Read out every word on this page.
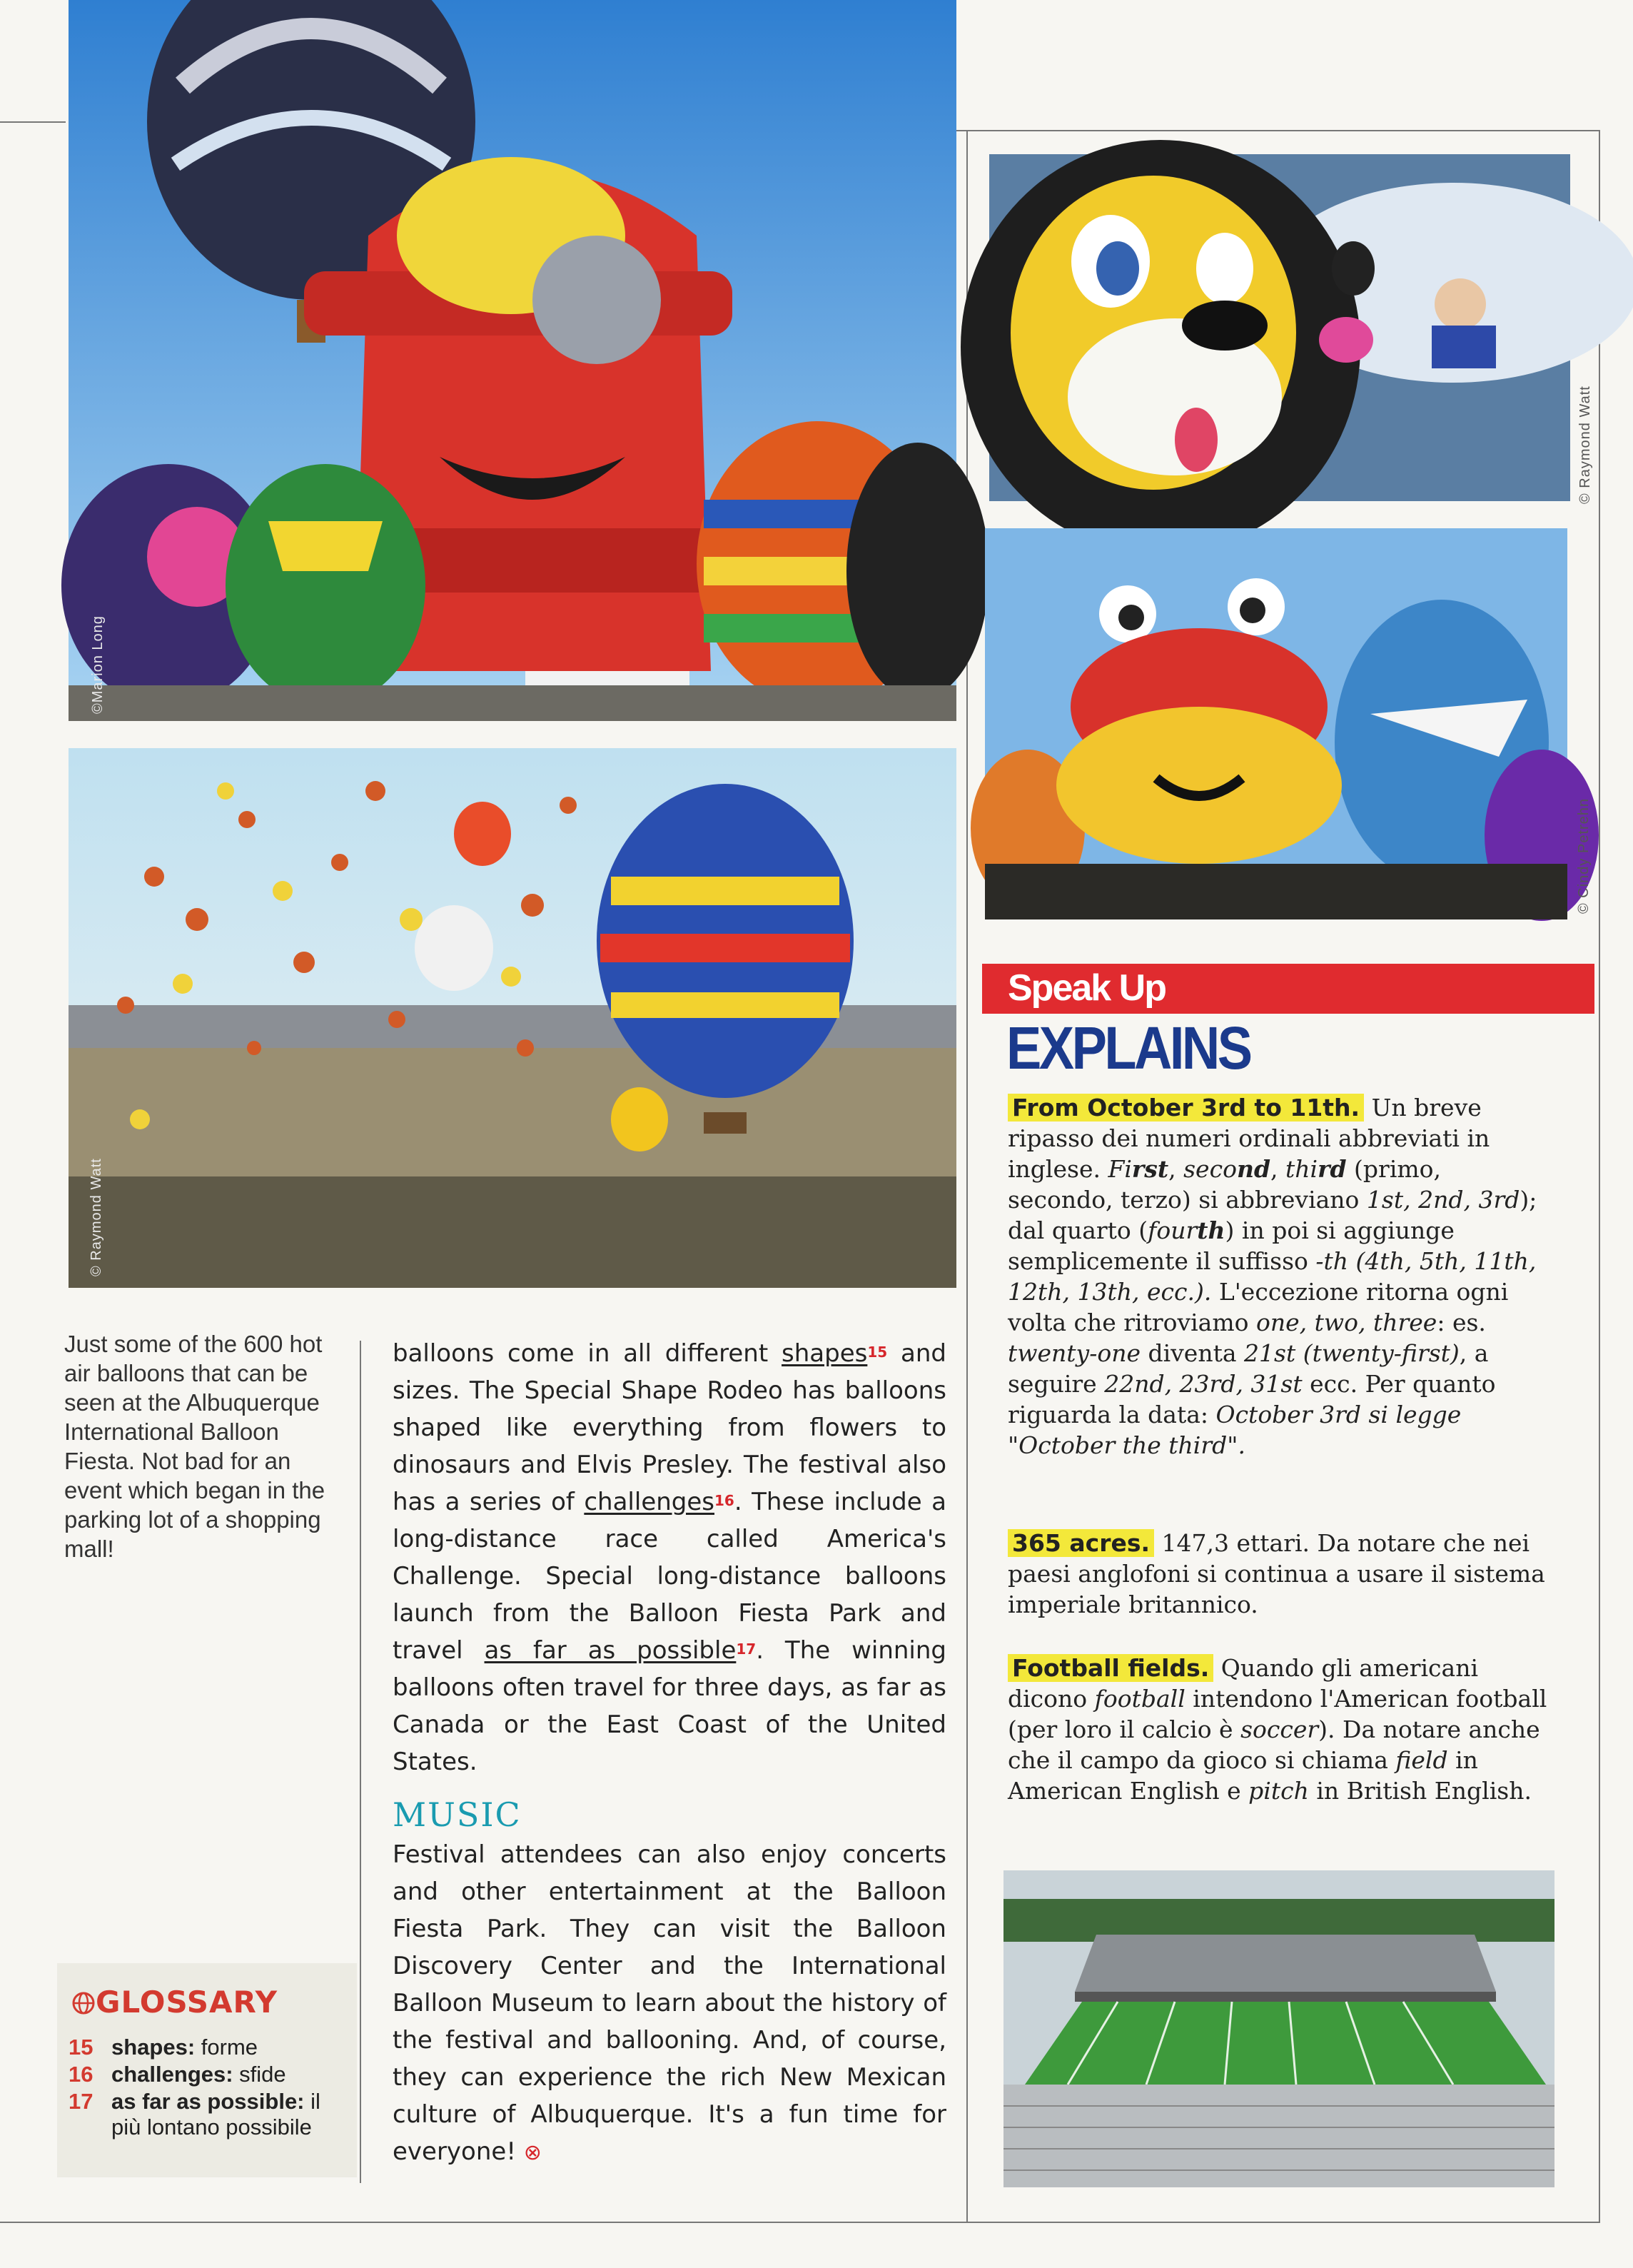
©Marion Long
© Raymond Watt
© Cindy Petrehn
© Raymond Watt
Just some of the 600 hot air balloons that can be seen at the Albuquerque International Balloon Fiesta. Not bad for an event which began in the parking lot of a shopping mall!

balloons come in all different shapes$^{15}$ and sizes. The Special Shape Rodeo has balloons shaped like everything from flowers to dinosaurs and Elvis Presley. The festival also has a series of challenges$^{16}$. These include a long-distance race called America's Challenge. Special long-distance balloons launch from the Balloon Fiesta Park and travel as far as possible$^{17}$. The winning balloons often travel for three days, as far as Canada or the East Coast of the United States.

MUSIC

Festival attendees can also enjoy concerts and other entertainment at the Balloon Fiesta Park. They can visit the Balloon Discovery Center and the International Balloon Museum to learn about the history of the festival and ballooning. And, of course, they can experience the rich New Mexican culture of Albuquerque. It's a fun time for everyone! ⊗

GLOSSARY
15 shapes: forme
16 challenges: sfide
17 as far as possible: il più lontano possibile
Speak Up
EXPLAINS

From October 3rd to 11th. Un breve ripasso dei numeri ordinali abbreviati in inglese. First, second, third (primo, secondo, terzo) si abbreviano 1st, 2nd, 3rd); dal quarto (fourth) in poi si aggiunge semplicemente il suffisso -th (4th, 5th, 11th, 12th, 13th, ecc.). L'eccezione ritorna ogni volta che ritroviamo one, two, three: es. twenty-one diventa 21st (twenty-first), a seguire 22nd, 23rd, 31st ecc. Per quanto riguarda la data: October 3rd si legge "October the third".

365 acres. 147,3 ettari. Da notare che nei paesi anglofoni si continua a usare il sistema imperiale britannico.

Football fields. Quando gli americani dicono football intendono l'American football (per loro il calcio è soccer). Da notare anche che il campo da gioco si chiama field in American English e pitch in British English.
